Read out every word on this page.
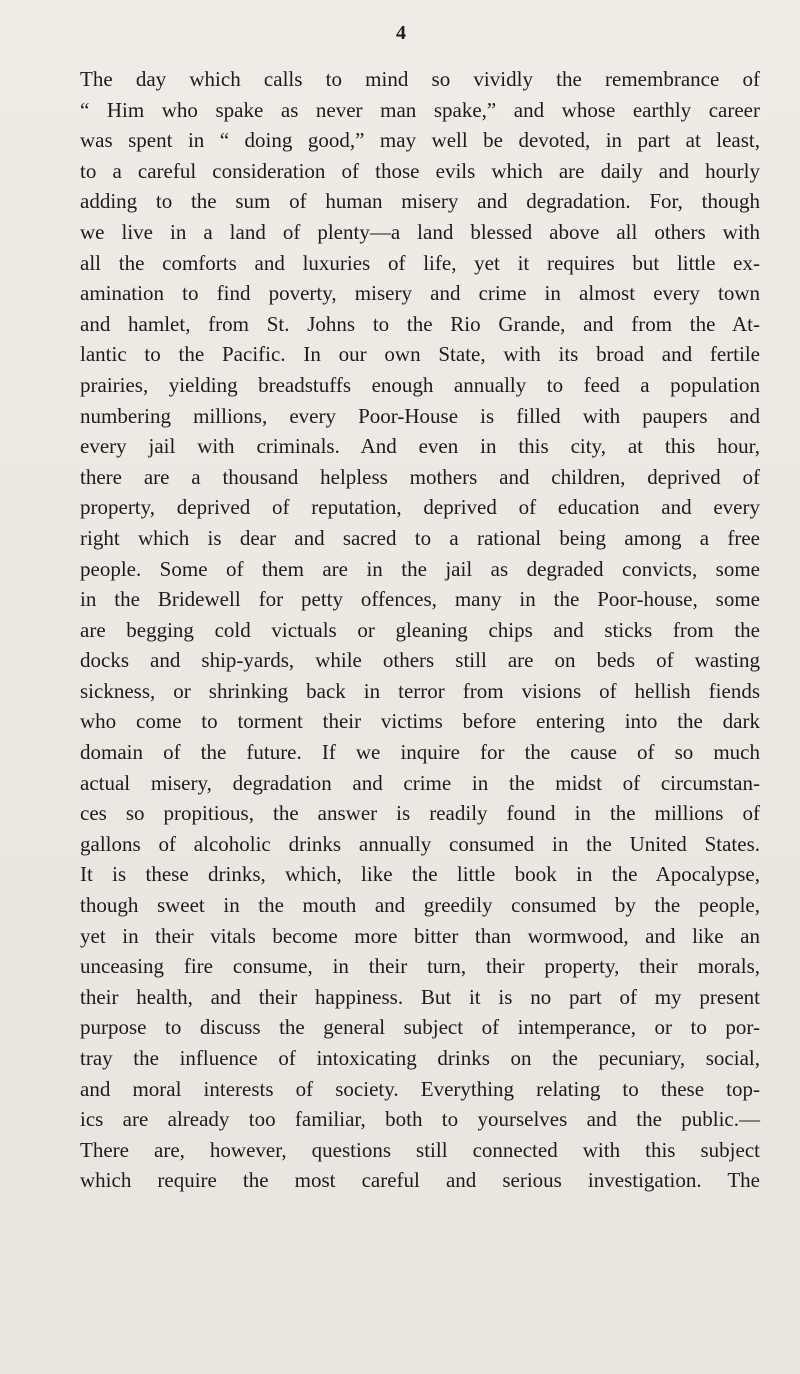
4
The day which calls to mind so vividly the remembrance of
“ Him who spake as never man spake,” and whose earthly career
was spent in “ doing good,” may well be devoted, in part at least,
to a careful consideration of those evils which are daily and hourly
adding to the sum of human misery and degradation. For, though
we live in a land of plenty—a land blessed above all others with
all the comforts and luxuries of life, yet it requires but little ex-
amination to find poverty, misery and crime in almost every town
and hamlet, from St. Johns to the Rio Grande, and from the At-
lantic to the Pacific. In our own State, with its broad and fertile
prairies, yielding breadstuffs enough annually to feed a population
numbering millions, every Poor-House is filled with paupers and
every jail with criminals. And even in this city, at this hour,
there are a thousand helpless mothers and children, deprived of
property, deprived of reputation, deprived of education and every
right which is dear and sacred to a rational being among a free
people. Some of them are in the jail as degraded convicts, some
in the Bridewell for petty offences, many in the Poor-house, some
are begging cold victuals or gleaning chips and sticks from the
docks and ship-yards, while others still are on beds of wasting
sickness, or shrinking back in terror from visions of hellish fiends
who come to torment their victims before entering into the dark
domain of the future. If we inquire for the cause of so much
actual misery, degradation and crime in the midst of circumstan-
ces so propitious, the answer is readily found in the millions of
gallons of alcoholic drinks annually consumed in the United States.
It is these drinks, which, like the little book in the Apocalypse,
though sweet in the mouth and greedily consumed by the people,
yet in their vitals become more bitter than wormwood, and like an
unceasing fire consume, in their turn, their property, their morals,
their health, and their happiness. But it is no part of my present
purpose to discuss the general subject of intemperance, or to por-
tray the influence of intoxicating drinks on the pecuniary, social,
and moral interests of society. Everything relating to these top-
ics are already too familiar, both to yourselves and the public.—
There are, however, questions still connected with this subject
which require the most careful and serious investigation. The
